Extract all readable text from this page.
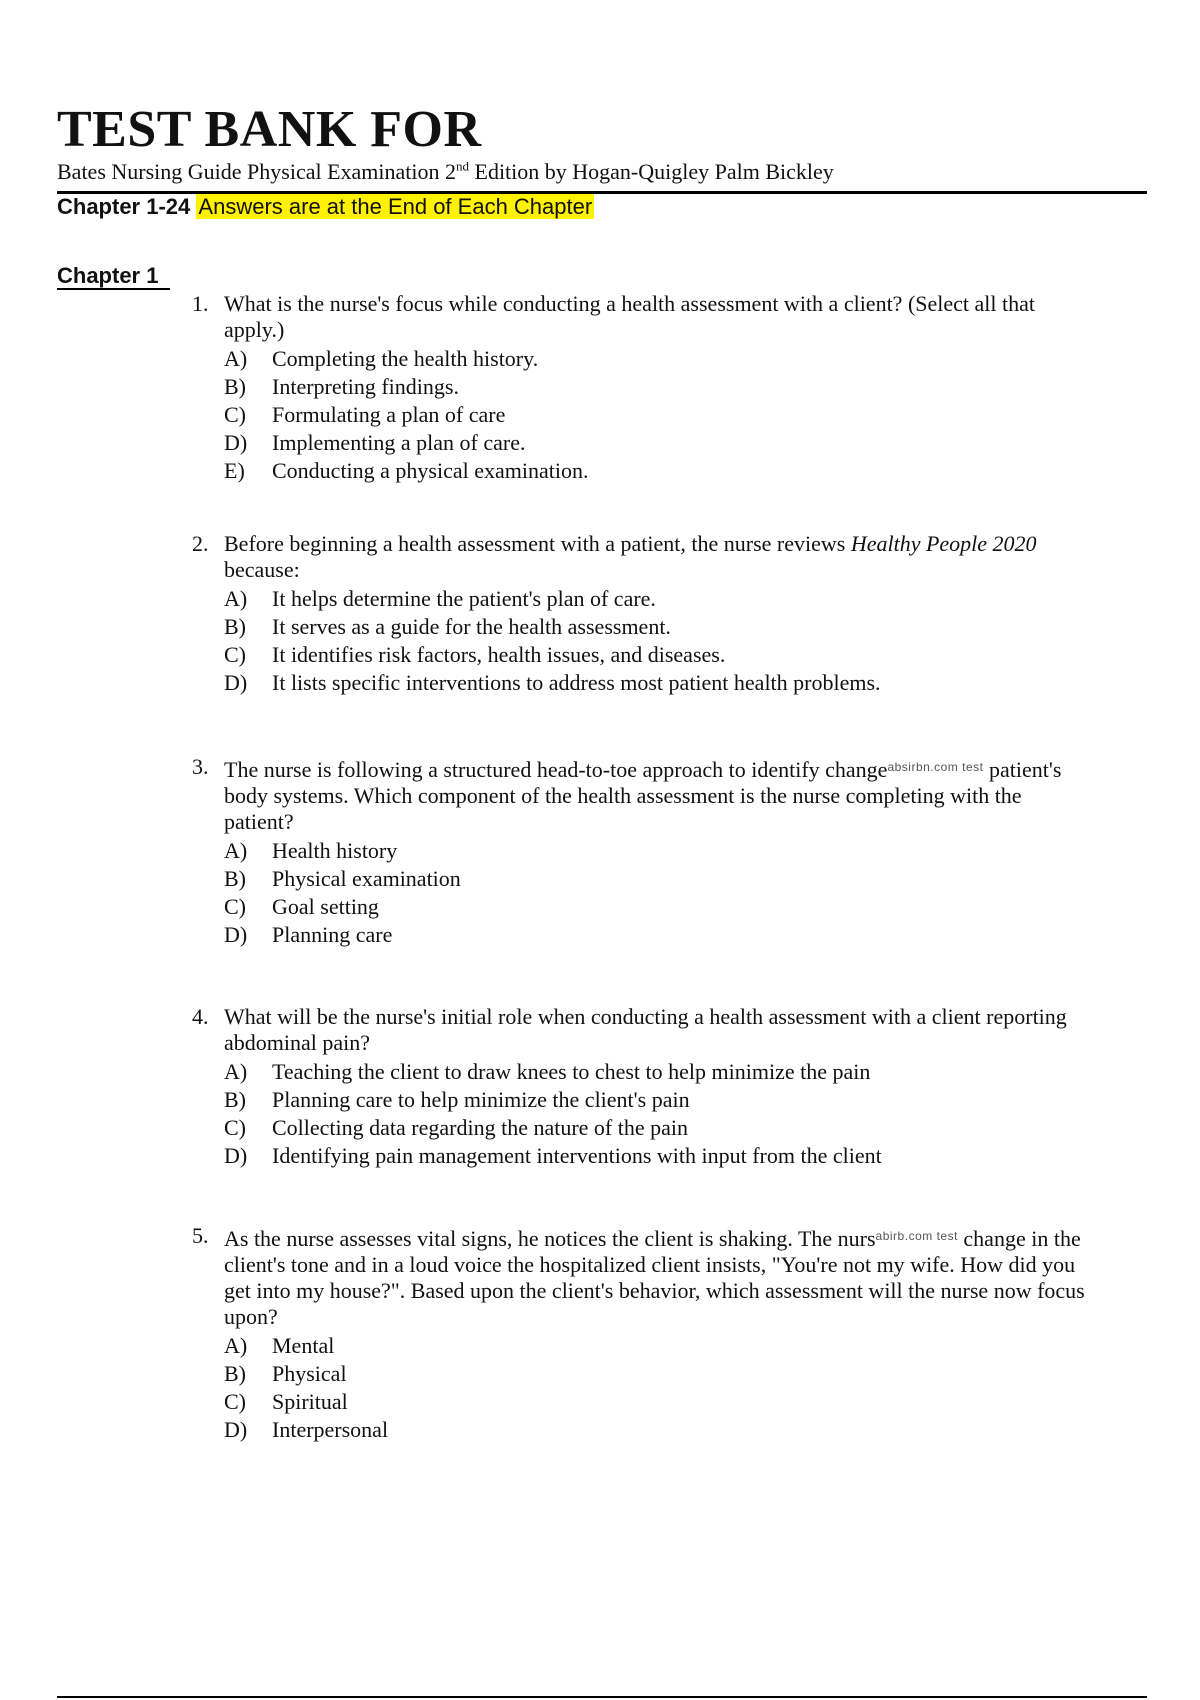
TEST BANK FOR

Bates Nursing Guide Physical Examination 2nd Edition by Hogan-Quigley Palm Bickley

Chapter 1-24 Answers are at the End of Each Chapter

Chapter 1
1. What is the nurse's focus while conducting a health assessment with a client? (Select all that apply.)

A)	Completing the health history.
B)	Interpreting findings.
C)	Formulating a plan of care
D)	Implementing a plan of care.
E)	Conducting a physical examination.
2. Before beginning a health assessment with a patient, the nurse reviews Healthy People 2020 because:

A)	It helps determine the patient's plan of care.
B)	It serves as a guide for the health assessment.
C)	It identifies risk factors, health issues, and diseases.
D)	It lists specific interventions to address most patient health problems.
3. The nurse is following a structured head-to-toe approach to identify change$^{absirbn.com test}$ patient's body systems. Which component of the health assessment is the nurse completing with the patient?

A)	Health history
B)	Physical examination
C)	Goal setting
D)	Planning care
4. What will be the nurse's initial role when conducting a health assessment with a client reporting abdominal pain?

A)	Teaching the client to draw knees to chest to help minimize the pain
B)	Planning care to help minimize the client's pain
C)	Collecting data regarding the nature of the pain
D)	Identifying pain management interventions with input from the client
5. As the nurse assesses vital signs, he notices the client is shaking. The nurs$^{abirb.com test}$ change in the client's tone and in a loud voice the hospitalized client insists, "You're not my wife. How did you get into my house?". Based upon the client's behavior, which assessment will the nurse now focus upon?

A)	Mental
B)	Physical
C)	Spiritual
D)	Interpersonal
